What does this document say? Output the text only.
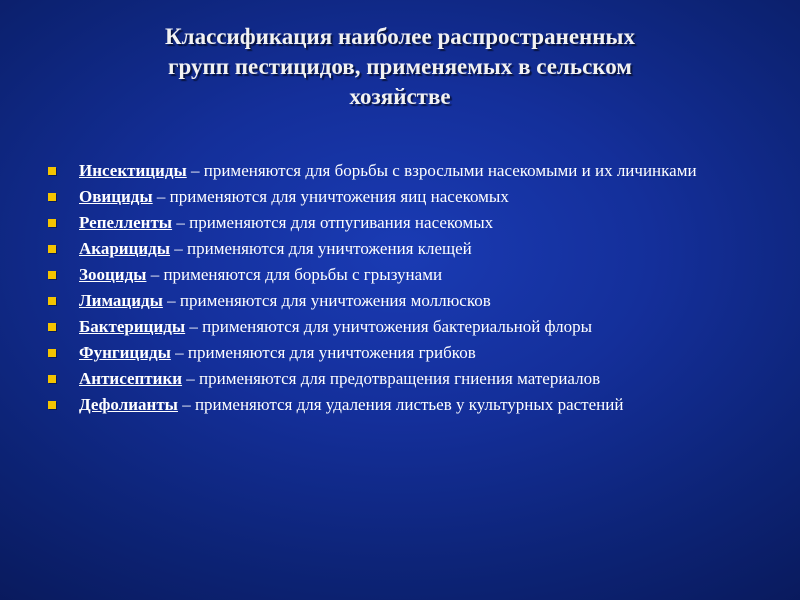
Классификация наиболее распространенных
групп пестицидов, применяемых в сельском
хозяйстве
Инсектициды – применяются для борьбы с взрослыми насекомыми и их личинками
Овициды – применяются для уничтожения яиц насекомых
Репелленты – применяются для отпугивания насекомых
Акарициды – применяются для уничтожения клещей
Зооциды – применяются для борьбы с грызунами
Лимациды – применяются для уничтожения моллюсков
Бактерициды – применяются для уничтожения бактериальной флоры
Фунгициды – применяются для уничтожения грибков
Антисептики – применяются для предотвращения гниения материалов
Дефолианты – применяются для удаления листьев у культурных растений
